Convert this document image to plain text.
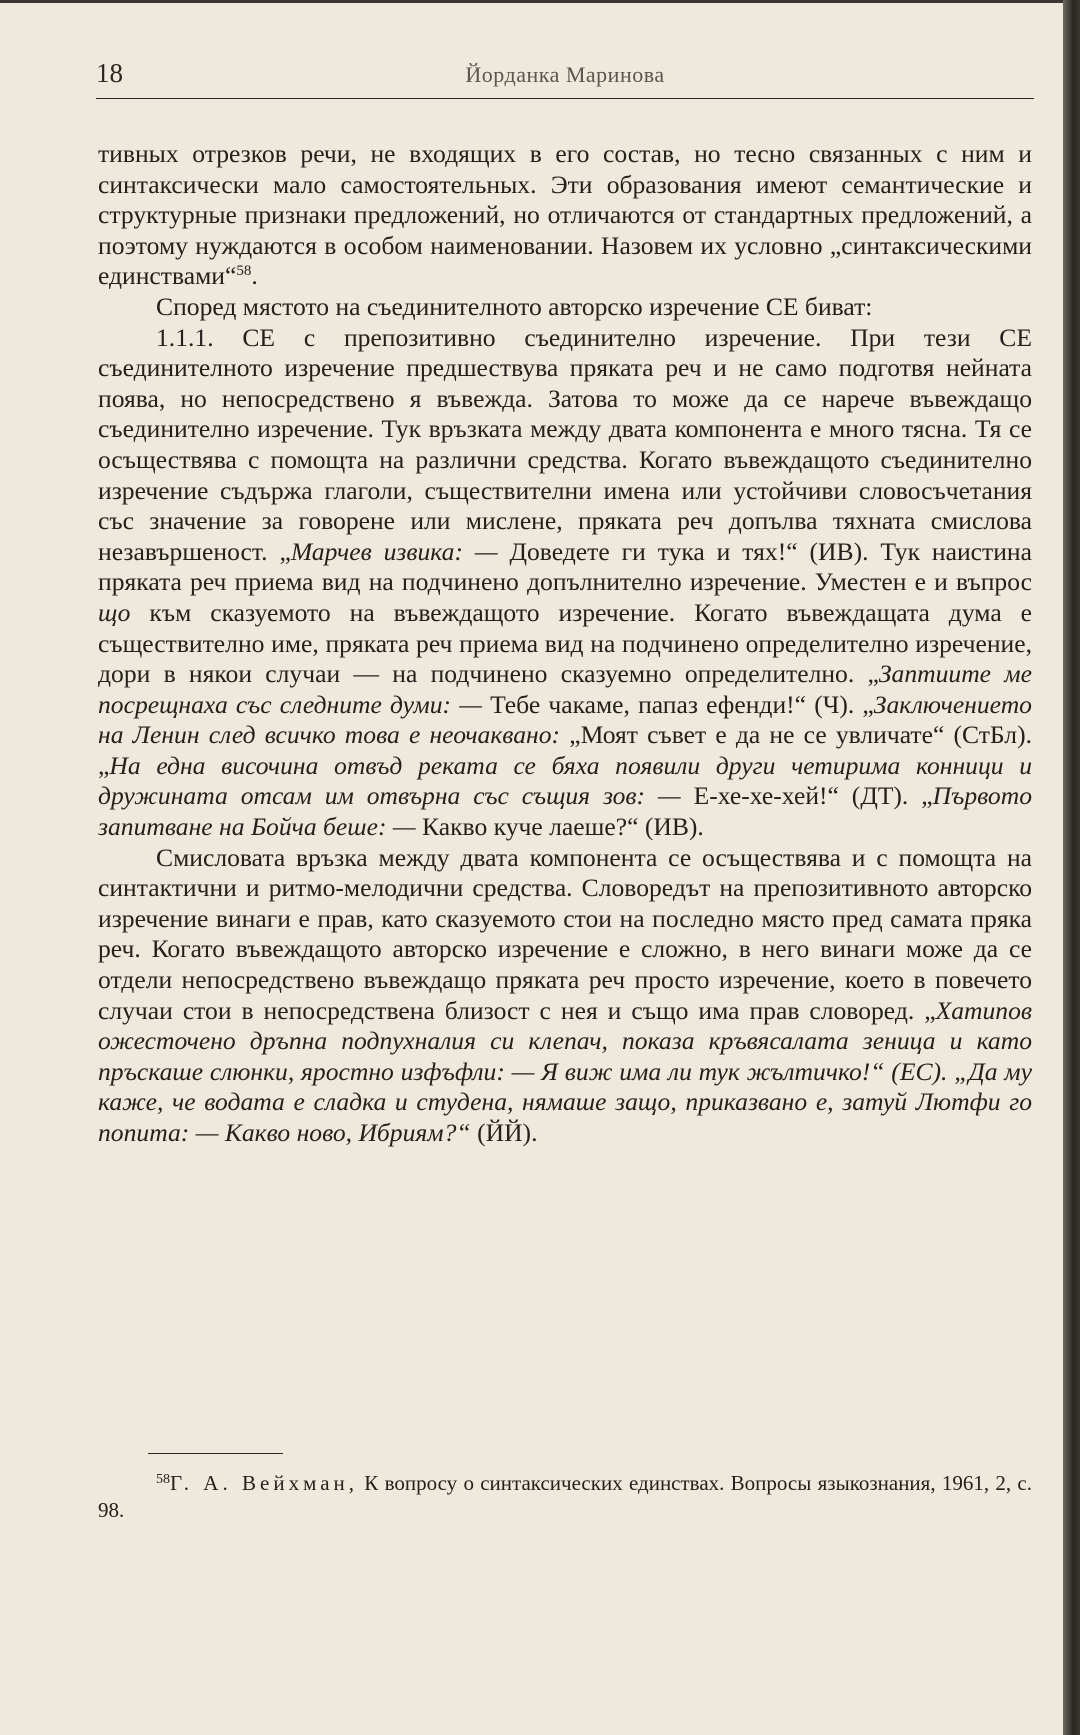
18	Йорданка Маринова

тивных отрезков речи, не входящих в его состав, но тесно связанных с ним и синтаксически мало самостоятельных. Эти образования имеют семантические и структурные признаки предложений, но отличаются от стандартных предложений, а поэтому нуждаются в особом наименовании. Назовем их условно „синтаксическими единствами“$^{58}$.

Според мястото на съединителното авторско изречение СЕ биват:

1.1.1. СЕ с препозитивно съединително изречение. При тези СЕ съединителното изречение предшествува пряката реч и не само подготвя нейната поява, но непосредствено я въвежда. Затова то може да се нарече въвеждащо съединително изречение. Тук връзката между двата компонента е много тясна. Тя се осъществява с помощта на различни средства. Когато въвеждащото съединително изречение съдържа глаголи, съществителни имена или устойчиви словосъчетания със значение за говорене или мислене, пряката реч допълва тяхната смислова незавършеност. „Марчев извика: — Доведете ги тука и тях!“ (ИВ). Тук наистина пряката реч приема вид на подчинено допълнително изречение. Уместен е и въпрос що към сказуемото на въвеждащото изречение. Когато въвеждащата дума е съществително име, пряката реч приема вид на подчинено определително изречение, дори в някои случаи — на подчинено сказуемно определително. „Заптиите ме посрещнаха със следните думи: — Тебе чакаме, папаз ефенди!“ (Ч). „Заключението на Ленин след всичко това е неочаквано: „Моят съвет е да не се увличате“ (СтБл). „На една височина отвъд реката се бяха появили други четирима конници и дружината отсам им отвърна със същия зов: — Е-хе-хе-хей!“ (ДТ). „Първото запитване на Бойча беше: — Какво куче лаеше?“ (ИВ).

Смисловата връзка между двата компонента се осъществява и с помощта на синтактични и ритмо-мелодични средства. Словоредът на препозитивното авторско изречение винаги е прав, като сказуемото стои на последно място пред самата пряка реч. Когато въвеждащото авторско изречение е сложно, в него винаги може да се отдели непосредствено въвеждащо пряката реч просто изречение, което в повечето случаи стои в непосредствена близост с нея и също има прав словоред. „Хатипов ожесточено дръпна подпухналия си клепач, показа кръвясалата зеница и като пръскаше слюнки, яростно изфъфли: — Я виж има ли тук жълтичко!“ (ЕС). „Да му каже, че водата е сладка и студена, нямаше защо, приказвано е, затуй Лютфи го попита: — Какво ново, Ибриям?“ (ЙЙ).

$^{58}$Г. А. Вейхман, К вопросу о синтаксических единствах. Вопросы языкознания, 1961, 2, с. 98.
